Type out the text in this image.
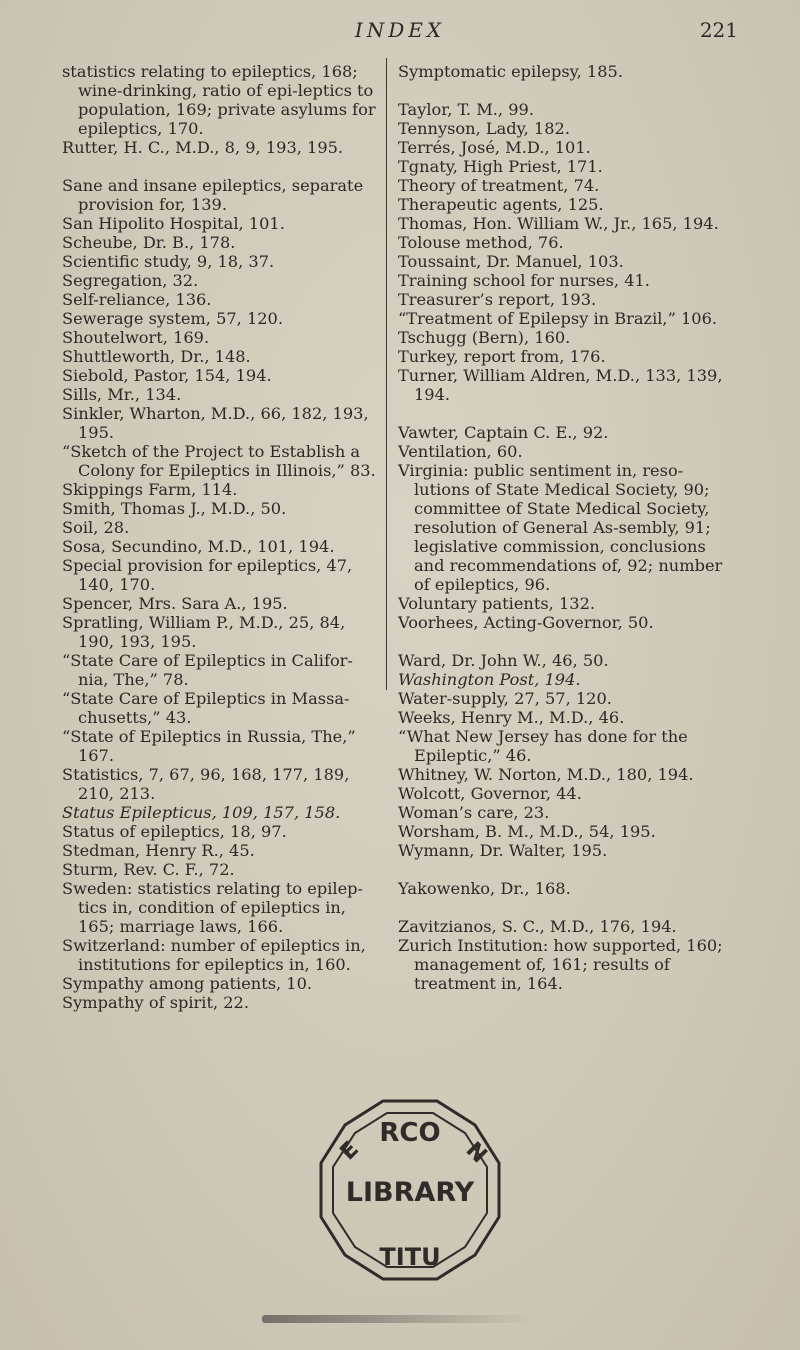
INDEX	221

statistics relating to epileptics, 168; wine-drinking, ratio of epi-leptics to population, 169; private asylums for epileptics, 170.

Rutter, H. C., M.D., 8, 9, 193, 195.

Sane and insane epileptics, separate provision for, 139.

San Hipolito Hospital, 101.

Scheube, Dr. B., 178.

Scientific study, 9, 18, 37.

Segregation, 32.

Self-reliance, 136.

Sewerage system, 57, 120.

Shoutelwort, 169.

Shuttleworth, Dr., 148.

Siebold, Pastor, 154, 194.

Sills, Mr., 134.

Sinkler, Wharton, M.D., 66, 182, 193, 195.

“Sketch of the Project to Establish a Colony for Epileptics in Illinois,” 83.

Skippings Farm, 114.

Smith, Thomas J., M.D., 50.

Soil, 28.

Sosa, Secundino, M.D., 101, 194.

Special provision for epileptics, 47, 140, 170.

Spencer, Mrs. Sara A., 195.

Spratling, William P., M.D., 25, 84, 190, 193, 195.

“State Care of Epileptics in Califor-nia, The,” 78.

“State Care of Epileptics in Massa-chusetts,” 43.

“State of Epileptics in Russia, The,” 167.

Statistics, 7, 67, 96, 168, 177, 189, 210, 213.

Status Epilepticus, 109, 157, 158.

Status of epileptics, 18, 97.

Stedman, Henry R., 45.

Sturm, Rev. C. F., 72.

Sweden: statistics relating to epilep-tics in, condition of epileptics in, 165; marriage laws, 166.

Switzerland: number of epileptics in, institutions for epileptics in, 160.

Sympathy among patients, 10.

Sympathy of spirit, 22.

Symptomatic epilepsy, 185.

Taylor, T. M., 99.

Tennyson, Lady, 182.

Terrés, José, M.D., 101.

Tgnaty, High Priest, 171.

Theory of treatment, 74.

Therapeutic agents, 125.

Thomas, Hon. William W., Jr., 165, 194.

Tolouse method, 76.

Toussaint, Dr. Manuel, 103.

Training school for nurses, 41.

Treasurer’s report, 193.

“Treatment of Epilepsy in Brazil,” 106.

Tschugg (Bern), 160.

Turkey, report from, 176.

Turner, William Aldren, M.D., 133, 139, 194.

Vawter, Captain C. E., 92.

Ventilation, 60.

Virginia: public sentiment in, reso-lutions of State Medical Society, 90; committee of State Medical Society, resolution of General As-sembly, 91; legislative commission, conclusions and recommendations of, 92; number of epileptics, 96.

Voluntary patients, 132.

Voorhees, Acting-Governor, 50.

Ward, Dr. John W., 46, 50.

Washington Post, 194.

Water-supply, 27, 57, 120.

Weeks, Henry M., M.D., 46.

“What New Jersey has done for the Epileptic,” 46.

Whitney, W. Norton, M.D., 180, 194.

Wolcott, Governor, 44.

Woman’s care, 23.

Worsham, B. M., M.D., 54, 195.

Wymann, Dr. Walter, 195.

Yakowenko, Dr., 168.

Zavitzianos, S. C., M.D., 176, 194.

Zurich Institution: how supported, 160; management of, 161; results of treatment in, 164.

RCO
TITU
E	N
LIBRARY
